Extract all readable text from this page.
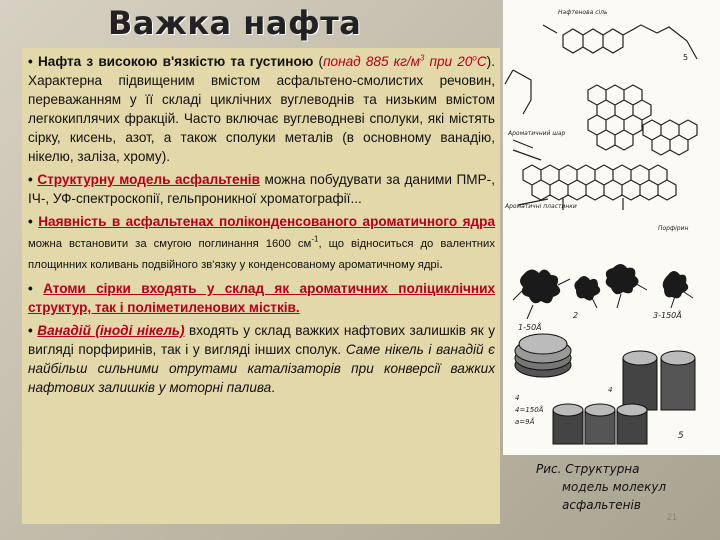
Важка нафта

• Нафта з високою в'язкістю та густиною (понад 885 $кг/м^3$ при $20^оС$). Характерна підвищеним вмістом асфальтено-смолистих речовин, переважанням у її складі циклічних вуглеводнів та низьким вмістом легкокиплячих фракцій. Часто включає вуглеводневі сполуки, які містять сірку, кисень, азот, а також сполуки металів (в основному ванадію, нікелю, заліза, хрому).

• Структурну модель асфальтенів можна побудувати за даними ПМР-, ІЧ-, УФ-спектроскопії, гельпроникної хроматографії...

• Наявність в асфальтенах поліконденсованого ароматичного ядра можна встановити за смугою поглинання 1600 $см^{-1}$, що відноситься до валентних площинних коливань подвійного зв'язку у конденсованому ароматичному ядрі.

• Атоми сірки входять у склад як ароматичних поліциклічних структур, так і поліметиленових містків.

• Ванадій (іноді нікель) входять у склад важких нафтових залишків як у вигляді порфиринів, так і у вигляді інших сполук. Саме нікель і ванадій є найбільш сильними отрутами каталізаторів при конверсії важких нафтових залишків у моторні палива.

Нафтенова сіль
Ароматичний шар
Ароматичні пластинки
Порфірин
5
1-50Å
2	3-150Å
4
4
4=150Å
a=9Å
5
Рис. Структурна
модель молекул асфальтенів
21
